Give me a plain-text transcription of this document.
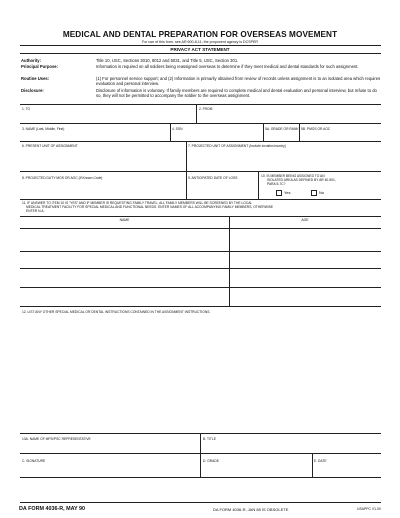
MEDICAL AND DENTAL PREPARATION FOR OVERSEAS MOVEMENT
For use of this form, see AR 600-8-11; the proponent agency is DCSPER
PRIVACY ACT STATEMENT
Authority:	Title 10, USC, Sections 3010, 8012 and 5031, and Title 5, USC, Section 301.
Principal Purpose:	Information is required on all soldiers being reassigned overseas to determine if they meet medical and dental standards for such assignment.
Routine Uses:	(1) For personnel service support; and (2) Information is primarily obtained from review of records unless assignment is to an isolated area which requires evaluation and personal interview.
Disclosure:	Disclosure of information is voluntary. If family members are required to complete medical and dental evaluation and personal interview, but refuse to do so, they will not be permitted to accompany the soldier to the overseas assignment.
1. TO	2. FROM
3. NAME (Last, Middle, First)	4. SSN	5A. GRADE OR RANK 5B. PMOS OR AOC
6. PRESENT UNIT OF ASSIGNMENT	7. PROJECTED UNIT OF ASSIGNMENT (Include location/country)
8. PROJECTED DUTY MOS OR AOC (If Known Code)	9. ANTICIPATED DATE OF LOSS	10. IS MEMBER BEING ASSIGNED TO AN
ISOLATED AREA AS DEFINED BY AR 40-501,
PARA 5-7C?
Yes	No
11. IF ANSWER TO ITEM 10 IS "YES" AND IF MEMBER IS REQUESTING FAMILY TRAVEL, ALL FAMILY MEMBERS WILL BE SCREENED BY THE LOCAL
MEDICAL TREATMENT FACILITY FOR SPECIAL MEDICAL AND FUNCTIONAL NEEDS. ENTER NAMES OF ALL ACCOMPANYING FAMILY MEMBERS, OTHERWISE
ENTER N.A.
NAME	AGE
12. LIST ANY OTHER SPECIAL MEDICAL OR DENTAL INSTRUCTIONS CONTAINED IN THE ASSIGNMENT INSTRUCTIONS.
13A. NAME OF MPD/PSC REPRESENTATIVE	B. TITLE
C. SIGNATURE	D. GRADE	E. DATE
DA FORM 4036-R, MAY 90	DA FORM 4036-R, JAN 85 IS OBSOLETE	USAPPC V1.00
